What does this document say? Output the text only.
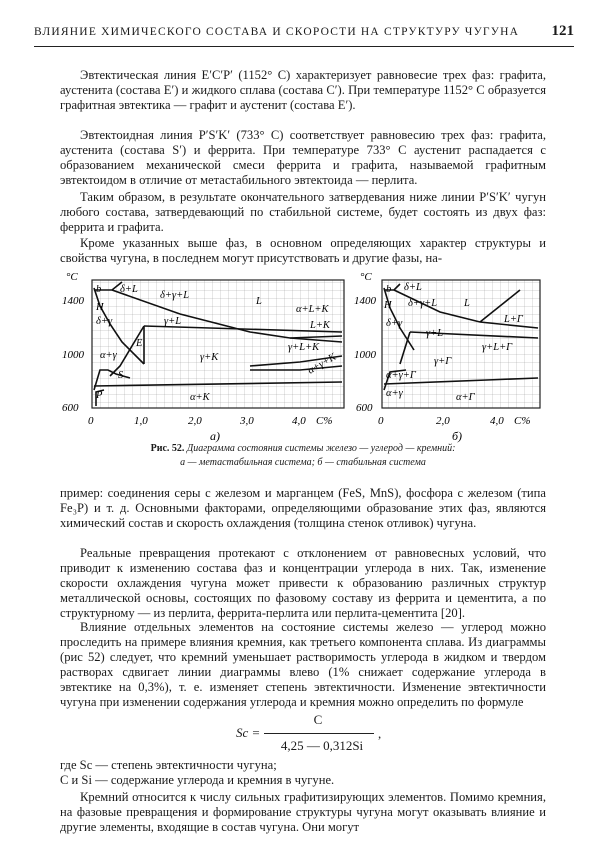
ВЛИЯНИЕ ХИМИЧЕСКОГО СОСТАВА И СКОРОСТИ НА СТРУКТУРУ ЧУГУНА 121

Эвтектическая линия E′C′P′ (1152° C) характеризует равновесие трех фаз: графита, аустенита (состава E′) и жидкого сплава (состава C′). При температуре 1152° C образуется графитная эвтектика — графит и аустенит (состава E′).

Эвтектоидная линия P′S′K′ (733° C) соответствует равновесию трех фаз: графита, аустенита (состава S′) и феррита. При температуре 733° C аустенит распадается с образованием механической смеси феррита и графита, называемой графитным эвтектоидом в отличие от метастабильного эвтектоида — перлита.

Таким образом, в результате окончательного затвердевания ниже линии P′S′K′ чугун любого состава, затвердевающий по стабильной системе, будет состоять из двух фаз: феррита и графита.

Кроме указанных выше фаз, в основном определяющих характер структуры и свойства чугуна, в последнем могут присутствовать и другие фазы, на-

°C
1400
1000
600
0	1,0	2,0	3,0	4,0 C%
а)
b δ+L
δ+γ+L
L
H
δ+γ	γ+L
α+L+K
L+K
E	γ+L+K
α+γ	γ+K	α+γ+K
S
P	α+K
°C
1400
1000
600
0	2,0	4,0 C%
б)
b δ+L
δ+γ+L
H	L
δ+γ	L+Γ
γ+L
γ+L+Γ
γ+Γ
α+γ+Γ
α+γ	α+Γ
Рис. 52. Диаграмма состояния системы железо — углерод — кремний:
а — метастабильная система; б — стабильная система

пример: соединения серы с железом и марганцем (FeS, MnS), фосфора с железом (типа Fe₃P) и т. д. Основными факторами, определяющими образование этих фаз, являются химический состав и скорость охлаждения (толщина стенок отливок) чугуна.

Реальные превращения протекают с отклонением от равновесных условий, что приводит к изменению состава фаз и концентрации углерода в них. Так, изменение скорости охлаждения чугуна может привести к образованию различных структур металлической основы, состоящих по фазовому составу из феррита и цементита, а по структурному — из перлита, феррита-перлита или перлита-цементита [20].

Влияние отдельных элементов на состояние системы железо — углерод можно проследить на примере влияния кремния, как третьего компонента сплава. Из диаграммы (рис 52) следует, что кремний уменьшает растворимость углерода в жидком и твердом растворах сдвигает линии диаграммы влево (1% снижает содержание углерода в эвтектике на 0,3%), т. е. изменяет степень эвтектичности. Изменение эвтектичности чугуна при изменении содержания углерода и кремния можно определить по формуле

Sc =
C
4,25 — 0,312Si
,

где Sc — степень эвтектичности чугуна;

C и Si — содержание углерода и кремния в чугуне.

Кремний относится к числу сильных графитизирующих элементов. Помимо кремния, на фазовые превращения и формирование структуры чугуна могут оказывать влияние и другие элементы, входящие в состав чугуна. Они могут
